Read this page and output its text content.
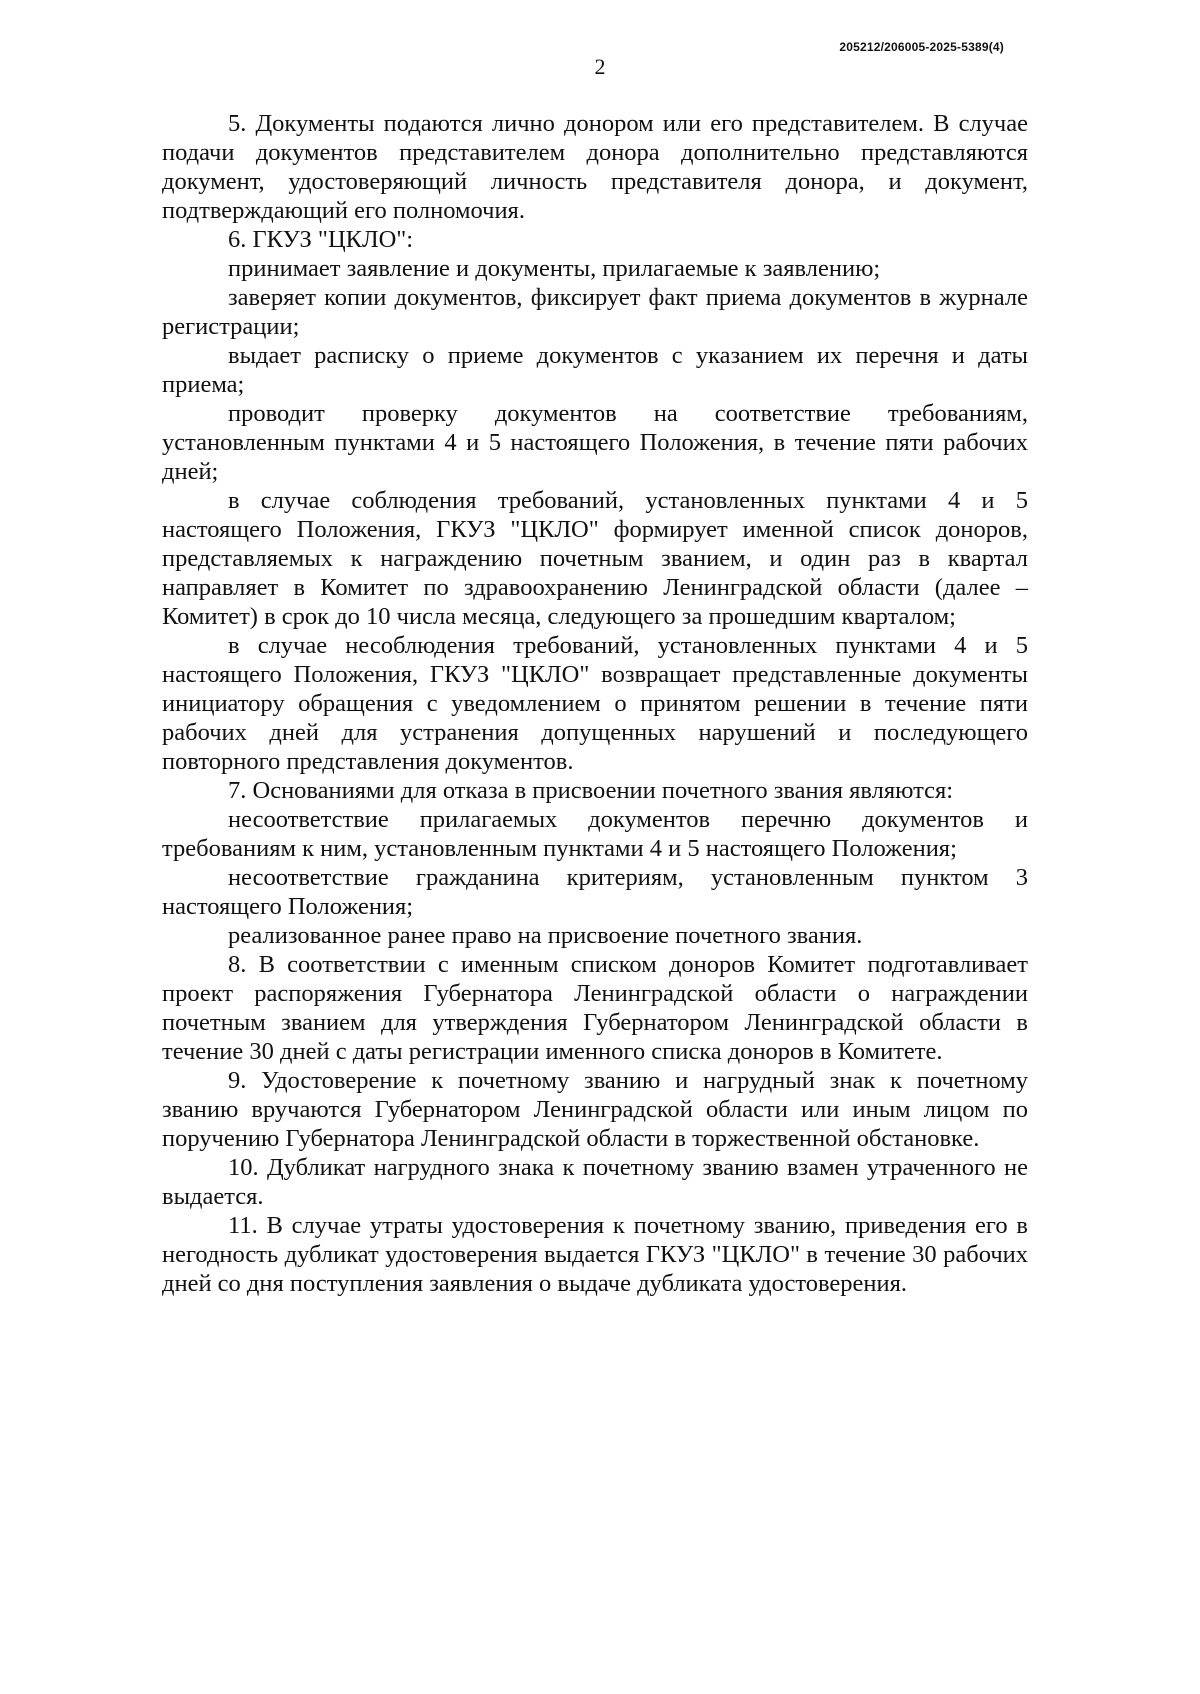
205212/206005-2025-5389(4)
2

5. Документы подаются лично донором или его представителем. В случае подачи документов представителем донора дополнительно представляются документ, удостоверяющий личность представителя донора, и документ, подтверждающий его полномочия.

6. ГКУЗ "ЦКЛО":

принимает заявление и документы, прилагаемые к заявлению;

заверяет копии документов, фиксирует факт приема документов в журнале регистрации;

выдает расписку о приеме документов с указанием их перечня и даты приема;

проводит проверку документов на соответствие требованиям, установленным пунктами 4 и 5 настоящего Положения, в течение пяти рабочих дней;

в случае соблюдения требований, установленных пунктами 4 и 5 настоящего Положения, ГКУЗ "ЦКЛО" формирует именной список доноров, представляемых к награждению почетным званием, и один раз в квартал направляет в Комитет по здравоохранению Ленинградской области (далее – Комитет) в срок до 10 числа месяца, следующего за прошедшим кварталом;

в случае несоблюдения требований, установленных пунктами 4 и 5 настоящего Положения, ГКУЗ "ЦКЛО" возвращает представленные документы инициатору обращения с уведомлением о принятом решении в течение пяти рабочих дней для устранения допущенных нарушений и последующего повторного представления документов.

7. Основаниями для отказа в присвоении почетного звания являются:

несоответствие прилагаемых документов перечню документов и требованиям к ним, установленным пунктами 4 и 5 настоящего Положения;

несоответствие гражданина критериям, установленным пунктом 3 настоящего Положения;

реализованное ранее право на присвоение почетного звания.

8. В соответствии с именным списком доноров Комитет подготавливает проект распоряжения Губернатора Ленинградской области о награждении почетным званием для утверждения Губернатором Ленинградской области в течение 30 дней с даты регистрации именного списка доноров в Комитете.

9. Удостоверение к почетному званию и нагрудный знак к почетному званию вручаются Губернатором Ленинградской области или иным лицом по поручению Губернатора Ленинградской области в торжественной обстановке.

10. Дубликат нагрудного знака к почетному званию взамен утраченного не выдается.

11. В случае утраты удостоверения к почетному званию, приведения его в негодность дубликат удостоверения выдается ГКУЗ "ЦКЛО" в течение 30 рабочих дней со дня поступления заявления о выдаче дубликата удостоверения.
